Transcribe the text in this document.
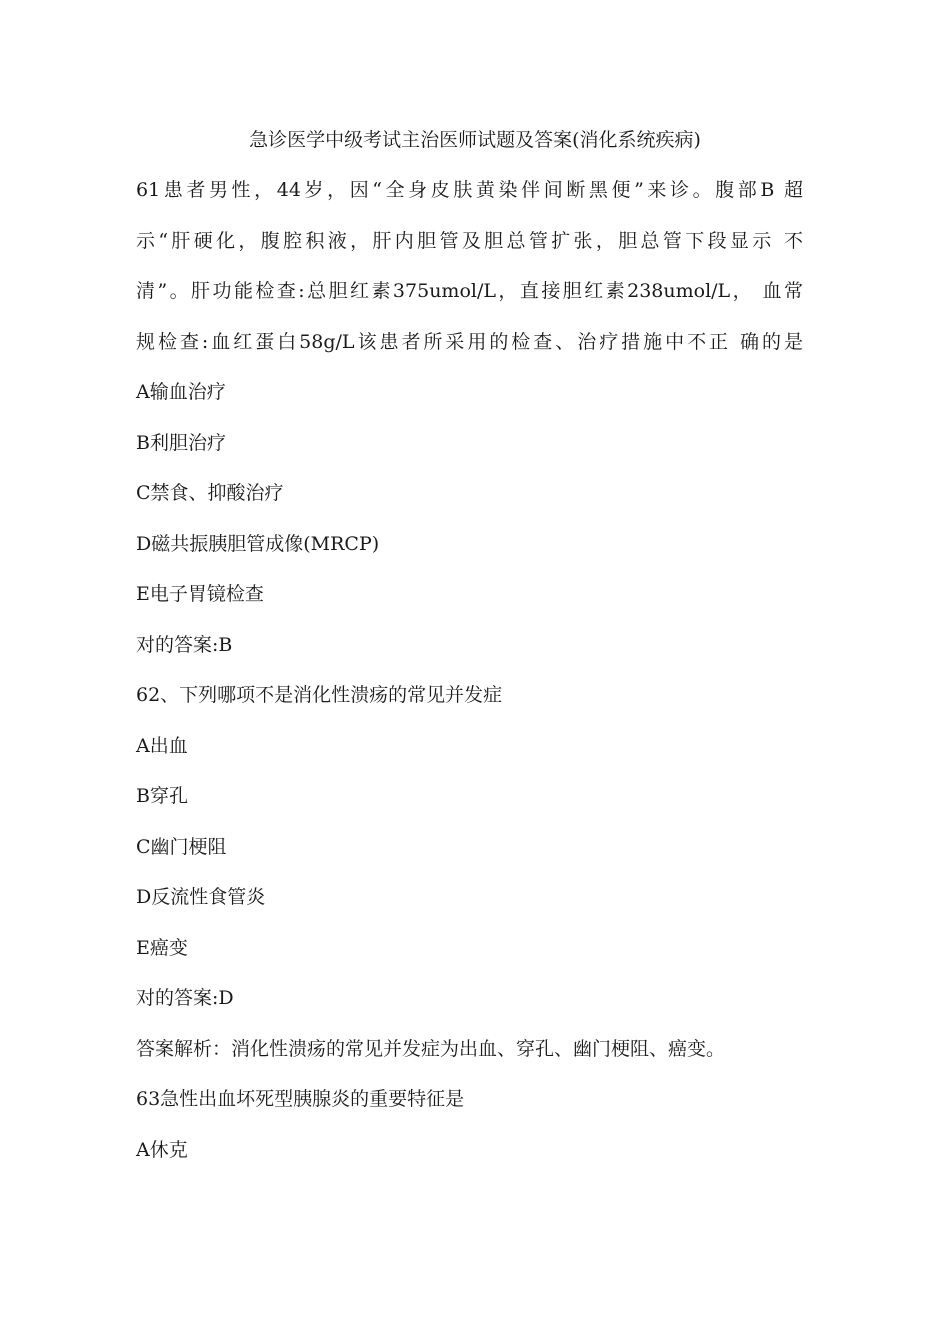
急诊医学中级考试主治医师试题及答案(消化系统疾病)
61患者男性，44岁，因“全身皮肤黄染伴间断黑便”来诊。腹部B 超
示“肝硬化，腹腔积液，肝内胆管及胆总管扩张，胆总管下段显示 不
清”。肝功能检查:总胆红素375umol/L，直接胆红素238umol/L， 血常
规检查:血红蛋白58g/L该患者所采用的检查、治疗措施中不正 确的是
A输血治疗
B利胆治疗
C禁食、抑酸治疗
D磁共振胰胆管成像(MRCP)
E电子胃镜检查
对的答案:B
62、下列哪项不是消化性溃疡的常见并发症
A出血
B穿孔
C幽门梗阻
D反流性食管炎
E癌变
对的答案:D
答案解析：消化性溃疡的常见并发症为出血、穿孔、幽门梗阻、癌变。
63急性出血坏死型胰腺炎的重要特征是
A休克
